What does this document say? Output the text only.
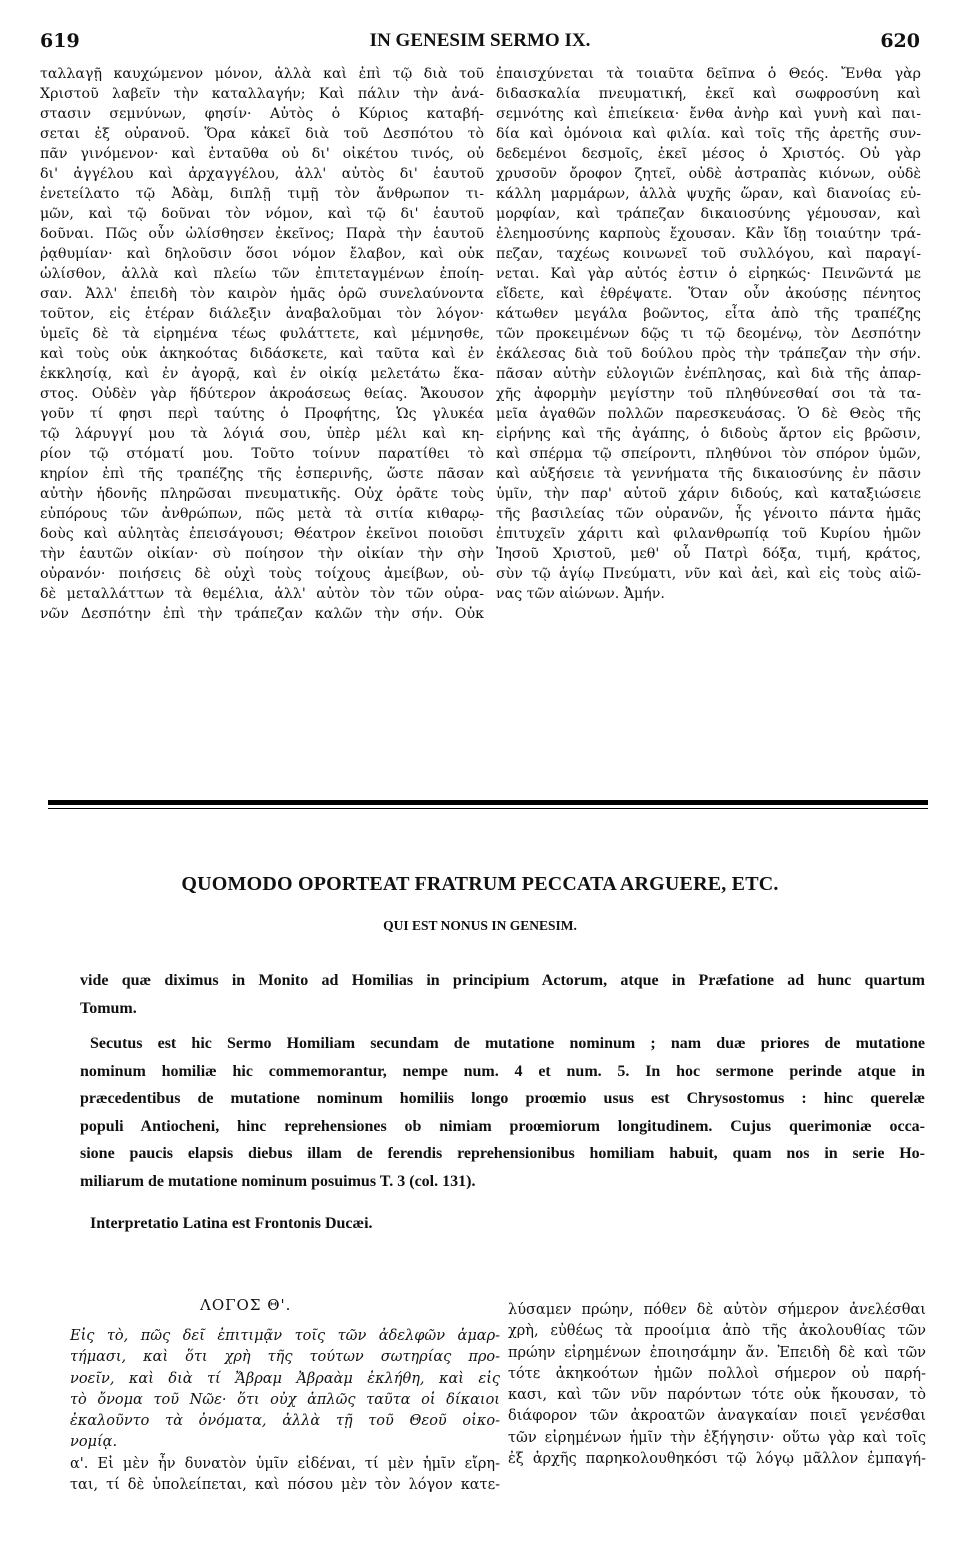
619	IN GENESIM SERMO IX.	620
ταλλαγῇ καυχώμενον μόνον, ἀλλὰ καὶ ἐπὶ τῷ διὰ τοῦ
Χριστοῦ λαβεῖν τὴν καταλλαγήν; Καὶ πάλιν τὴν ἀνά-
στασιν σεμνύνων, φησίν· Αὐτὸς ὁ Κύριος καταβή-
σεται ἐξ οὐρανοῦ. Ὅρα κἀκεῖ διὰ τοῦ Δεσπότου τὸ
πᾶν γινόμενον· καὶ ἐνταῦθα οὐ δι' οἰκέτου τινός, οὐ
δι' ἀγγέλου καὶ ἀρχαγγέλου, ἀλλ' αὐτὸς δι' ἑαυτοῦ
ἐνετείλατο τῷ Ἀδὰμ, διπλῇ τιμῇ τὸν ἄνθρωπον τι-
μῶν, καὶ τῷ δοῦναι τὸν νόμον, καὶ τῷ δι' ἑαυτοῦ
δοῦναι. Πῶς οὖν ὠλίσθησεν ἐκεῖνος; Παρὰ τὴν ἑαυτοῦ
ῥᾳθυμίαν· καὶ δηλοῦσιν ὅσοι νόμον ἔλαβον, καὶ οὐκ
ὠλίσθον, ἀλλὰ καὶ πλείω τῶν ἐπιτεταγμένων ἐποίη-
σαν. Ἀλλ' ἐπειδὴ τὸν καιρὸν ἡμᾶς ὁρῶ συνελαύνοντα
τοῦτον, εἰς ἑτέραν διάλεξιν ἀναβαλοῦμαι τὸν λόγον·
ὑμεῖς δὲ τὰ εἰρημένα τέως φυλάττετε, καὶ μέμνησθε,
καὶ τοὺς οὐκ ἀκηκοότας διδάσκετε, καὶ ταῦτα καὶ ἐν
ἐκκλησίᾳ, καὶ ἐν ἀγορᾷ, καὶ ἐν οἰκίᾳ μελετάτω ἕκα-
στος. Οὐδὲν γὰρ ἥδύτερον ἀκροάσεως θείας. Ἄκουσον
γοῦν τί φησι περὶ ταύτης ὁ Προφήτης, Ὡς γλυκέα
τῷ λάρυγγί μου τὰ λόγιά σου, ὑπὲρ μέλι καὶ κη-
ρίον τῷ στόματί μου. Τοῦτο τοίνυν παρατίθει τὸ
κηρίον ἐπὶ τῆς τραπέζης τῆς ἑσπερινῆς, ὥστε πᾶσαν
αὐτὴν ἡδονῆς πληρῶσαι πνευματικῆς. Οὐχ ὁρᾶτε τοὺς
εὐπόρους τῶν ἀνθρώπων, πῶς μετὰ τὰ σιτία κιθαρῳ-
δοὺς καὶ αὐλητὰς ἐπεισάγουσι; Θέατρον ἐκεῖνοι ποιοῦσι
τὴν ἑαυτῶν οἰκίαν· σὺ ποίησον τὴν οἰκίαν τὴν σὴν
οὐρανόν· ποιήσεις δὲ οὐχὶ τοὺς τοίχους ἀμείβων, οὐ-
δὲ μεταλλάττων τὰ θεμέλια, ἀλλ' αὐτὸν τὸν τῶν οὐρα-
νῶν Δεσπότην ἐπὶ τὴν τράπεζαν καλῶν τὴν σήν. Οὐκ
ἐπαισχύνεται τὰ τοιαῦτα δεῖπνα ὁ Θεός. Ἔνθα γὰρ
διδασκαλία πνευματική, ἐκεῖ καὶ σωφροσύνη καὶ
σεμνότης καὶ ἐπιείκεια· ἔνθα ἀνὴρ καὶ γυνὴ καὶ παι-
δία καὶ ὁμόνοια καὶ φιλία. καὶ τοῖς τῆς ἀρετῆς συν-
δεδεμένοι δεσμοῖς, ἐκεῖ μέσος ὁ Χριστός. Οὐ γὰρ
χρυσοῦν ὄροφον ζητεῖ, οὐδὲ ἀστραπὰς κιόνων, οὐδὲ
κάλλη μαρμάρων, ἀλλὰ ψυχῆς ὥραν, καὶ διανοίας εὐ-
μορφίαν, καὶ τράπεζαν δικαιοσύνης γέμουσαν, καὶ
ἐλεημοσύνης καρποὺς ἔχουσαν. Κἂν ἴδῃ τοιαύτην τρά-
πεζαν, ταχέως κοινωνεῖ τοῦ συλλόγου, καὶ παραγί-
νεται. Καὶ γὰρ αὐτός ἐστιν ὁ εἰρηκώς· Πεινῶντά με
εἴδετε, καὶ ἐθρέψατε. Ὅταν οὖν ἀκούσῃς πένητος
κάτωθεν μεγάλα βοῶντος, εἶτα ἀπὸ τῆς τραπέζης
τῶν προκειμένων δῷς τι τῷ δεομένῳ, τὸν Δεσπότην
ἐκάλεσας διὰ τοῦ δούλου πρὸς τὴν τράπεζαν τὴν σήν.
πᾶσαν αὐτὴν εὐλογιῶν ἐνέπλησας, καὶ διὰ τῆς ἀπαρ-
χῆς ἀφορμὴν μεγίστην τοῦ πληθύνεσθαί σοι τὰ τα-
μεῖα ἀγαθῶν πολλῶν παρεσκευάσας. Ὁ δὲ Θεὸς τῆς
εἰρήνης καὶ τῆς ἀγάπης, ὁ διδοὺς ἄρτον εἰς βρῶσιν,
καὶ σπέρμα τῷ σπείροντι, πληθύνοι τὸν σπόρον ὑμῶν,
καὶ αὐξήσειε τὰ γεννήματα τῆς δικαιοσύνης ἐν πᾶσιν
ὑμῖν, τὴν παρ' αὐτοῦ χάριν διδούς, καὶ καταξιώσειε
τῆς βασιλείας τῶν οὐρανῶν, ἧς γένοιτο πάντα ἡμᾶς
ἐπιτυχεῖν χάριτι καὶ φιλανθρωπίᾳ τοῦ Κυρίου ἡμῶν
Ἰησοῦ Χριστοῦ, μεθ' οὗ Πατρὶ δόξα, τιμή, κράτος,
σὺν τῷ ἁγίῳ Πνεύματι, νῦν καὶ ἀεὶ, καὶ εἰς τοὺς αἰῶ-
νας τῶν αἰώνων. Ἀμήν.
QUOMODO OPORTEAT FRATRUM PECCATA ARGUERE, ETC.
QUI EST NONUS IN GENESIM.
vide quæ diximus in Monito ad Homilias in principium Actorum, atque in Præfatione ad hunc quartum
Tomum.
Secutus est hic Sermo Homiliam secundam de mutatione nominum ; nam duæ priores de mutatione
nominum homiliæ hic commemorantur, nempe num. 4 et num. 5. In hoc sermone perinde atque in
præcedentibus de mutatione nominum homiliis longo proœmio usus est Chrysostomus : hinc querelæ
populi Antiocheni, hinc reprehensiones ob nimiam proœmiorum longitudinem. Cujus querimoniæ occa-
sione paucis elapsis diebus illam de ferendis reprehensionibus homiliam habuit, quam nos in serie Ho-
miliarum de mutatione nominum posuimus T. 3 (col. 131).
Interpretatio Latina est Frontonis Ducæi.
ΛΟΓΟΣ Θ'.
Εἰς τὸ, πῶς δεῖ ἐπιτιμᾷν τοῖς τῶν ἀδελφῶν ἁμαρ-
τήμασι, καὶ ὅτι χρὴ τῆς τούτων σωτηρίας προ-
νοεῖν, καὶ διὰ τί Ἄβραμ Ἀβραὰμ ἐκλήθη, καὶ εἰς
τὸ ὄνομα τοῦ Νῶε· ὅτι οὐχ ἁπλῶς ταῦτα οἱ δίκαιοι
ἐκαλοῦντο τὰ ὀνόματα, ἀλλὰ τῇ τοῦ Θεοῦ οἰκο-
νομίᾳ.
α'. Εἰ μὲν ἦν δυνατὸν ὑμῖν εἰδέναι, τί μὲν ἡμῖν εἴρη-
ται, τί δὲ ὑπολείπεται, καὶ πόσου μὲν τὸν λόγον κατε-
λύσαμεν πρώην, πόθεν δὲ αὐτὸν σήμερον ἀνελέσθαι
χρὴ, εὐθέως τὰ προοίμια ἀπὸ τῆς ἀκολουθίας τῶν
πρώην εἰρημένων ἐποιησάμην ἄν. Ἐπειδὴ δὲ καὶ τῶν
τότε ἀκηκοότων ἡμῶν πολλοὶ σήμερον οὐ παρή-
κασι, καὶ τῶν νῦν παρόντων τότε οὐκ ἤκουσαν, τὸ
διάφορον τῶν ἀκροατῶν ἀναγκαίαν ποιεῖ γενέσθαι
τῶν εἰρημένων ἡμῖν τὴν ἐξήγησιν· οὕτω γὰρ καὶ τοῖς
ἐξ ἀρχῆς παρηκολουθηκόσι τῷ λόγῳ μᾶλλον ἐμπαγή-
